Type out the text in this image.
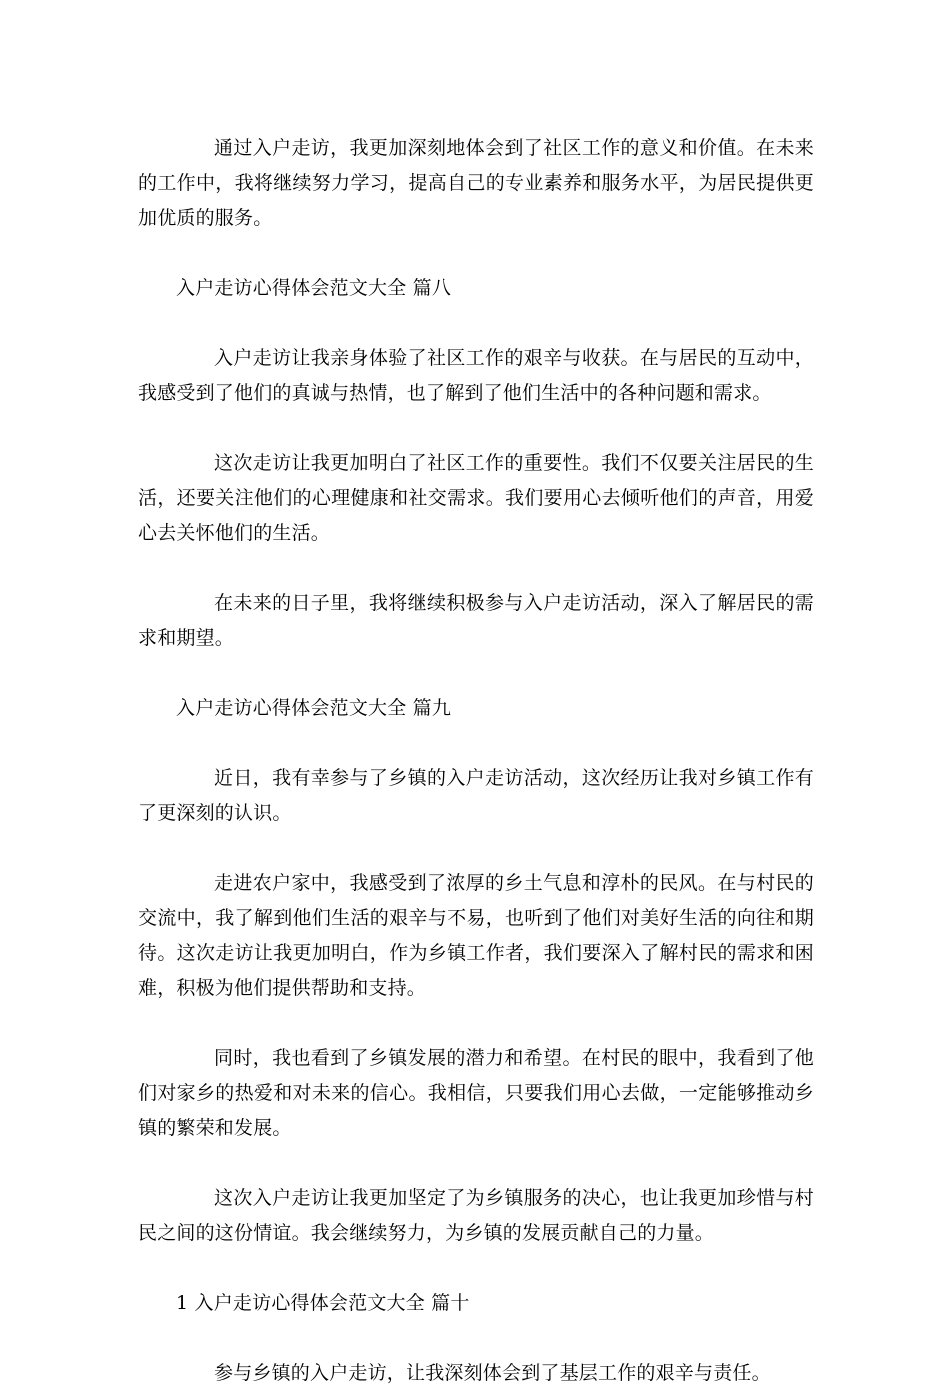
通过入户走访，我更加深刻地体会到了社区工作的意义和价值。在未来的工作中，我将继续努力学习，提高自己的专业素养和服务水平，为居民提供更加优质的服务。

入户走访心得体会范文大全 篇八

入户走访让我亲身体验了社区工作的艰辛与收获。在与居民的互动中，我感受到了他们的真诚与热情，也了解到了他们生活中的各种问题和需求。

这次走访让我更加明白了社区工作的重要性。我们不仅要关注居民的生活，还要关注他们的心理健康和社交需求。我们要用心去倾听他们的声音，用爱心去关怀他们的生活。

在未来的日子里，我将继续积极参与入户走访活动，深入了解居民的需求和期望。

入户走访心得体会范文大全 篇九

近日，我有幸参与了乡镇的入户走访活动，这次经历让我对乡镇工作有了更深刻的认识。

走进农户家中，我感受到了浓厚的乡土气息和淳朴的民风。在与村民的交流中，我了解到他们生活的艰辛与不易，也听到了他们对美好生活的向往和期待。这次走访让我更加明白，作为乡镇工作者，我们要深入了解村民的需求和困难，积极为他们提供帮助和支持。

同时，我也看到了乡镇发展的潜力和希望。在村民的眼中，我看到了他们对家乡的热爱和对未来的信心。我相信，只要我们用心去做，一定能够推动乡镇的繁荣和发展。

这次入户走访让我更加坚定了为乡镇服务的决心，也让我更加珍惜与村民之间的这份情谊。我会继续努力，为乡镇的发展贡献自己的力量。

1 入户走访心得体会范文大全 篇十

参与乡镇的入户走访，让我深刻体会到了基层工作的艰辛与责任。
